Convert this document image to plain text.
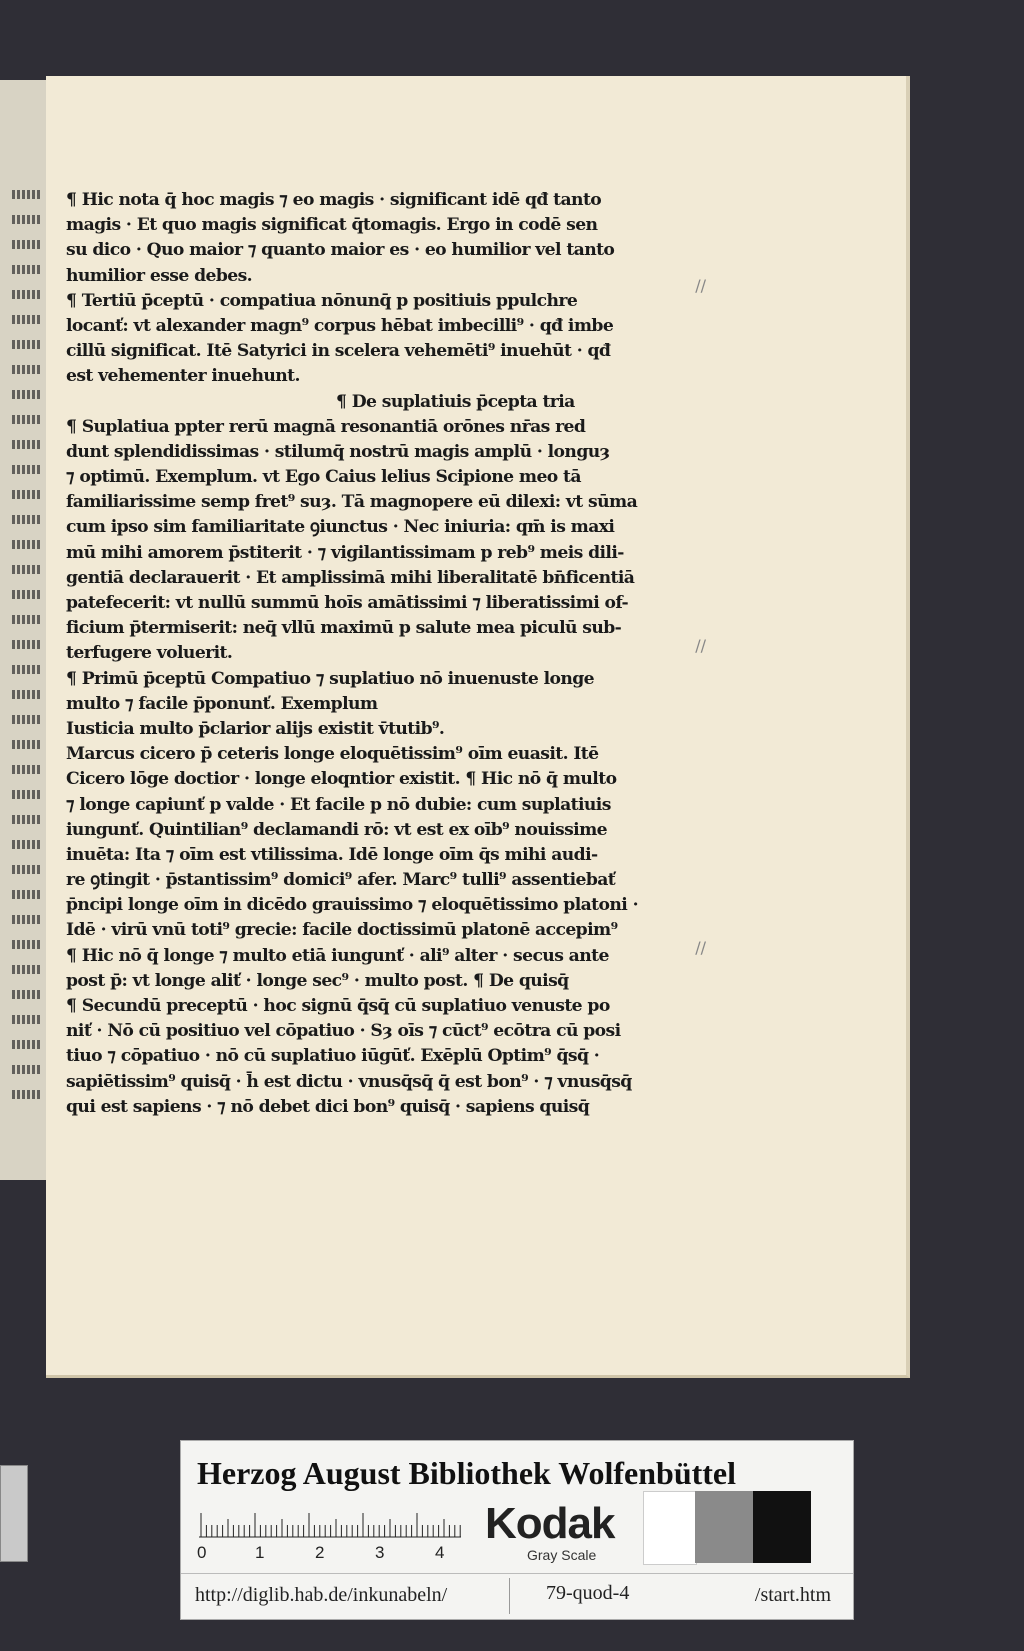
¶ Hic nota q̄ hoc magis ⁊ eo magis · significant idē qđ tanto
magis · Et quo magis significat q̄tomagis. Ergo in codē sen
su dico · Quo maior ⁊ quanto maior es · eo humilior vel tanto
humilior esse debes.
¶ Tertiū p̄ceptū · compatiua nōnunq̄ p positiuis ppulchre
locanť: vt alexander magn⁹ corpus hēbat imbecilli⁹ · qđ imbe
cillū significat. Itē Satyrici in scelera vehemēti⁹ inuehūt · qđ
est vehementer inuehunt.
¶ De suplatiuis p̄cepta tria
¶ Suplatiua ppter rerū magnā resonantiā orōnes nr̄as red
dunt splendidissimas · stilumq̄ nostrū magis amplū · longuȝ
⁊ optimū. Exemplum. vt Ego Caius lelius Scipione meo tā
familiarissime semp fret⁹ suȝ. Tā magnopere eū dilexi: vt sūma
cum ipso sim familiaritate ꝯiunctus · Nec iniuria: qm̄ is maxi
mū mihi amorem p̄stiterit · ⁊ vigilantissimam p reb⁹ meis dili-
gentiā declarauerit · Et amplissimā mihi liberalitatē bn̄ficentiā
patefecerit: vt nullū summū hoīs amātissimi ⁊ liberatissimi of-
ficium p̄termiserit: neq̄ vllū maximū p salute mea piculū sub-
terfugere voluerit.
¶ Primū p̄ceptū Compatiuo ⁊ suplatiuo nō inuenuste longe
multo ⁊ facile p̄ponunť. Exemplum
Iusticia multo p̄clarior alijs existit v̄tutib⁹.
Marcus cicero p̄ ceteris longe eloquētissim⁹ oīm euasit. Itē
Cicero lōge doctior · longe eloqntior existit. ¶ Hic nō q̄ multo
⁊ longe capiunť p valde · Et facile p nō dubie: cum suplatiuis
iungunť. Quintilian⁹ declamandi rō: vt est ex oīb⁹ nouissime
inuēta: Ita ⁊ oīm est vtilissima. Idē longe oīm q̄s mihi audi-
re ꝯtingit · p̄stantissim⁹ domici⁹ afer. Marc⁹ tulli⁹ assentiebať
p̄ncipi longe oīm in dicēdo grauissimo ⁊ eloquētissimo platoni ·
Idē · virū vnū toti⁹ grecie: facile doctissimū platonē accepim⁹
¶ Hic nō q̄ longe ⁊ multo etiā iungunť · ali⁹ alter · secus ante
post p̄: vt longe aliť · longe sec⁹ · multo post. ¶ De quisq̄
¶ Secundū preceptū · hoc signū q̄sq̄ cū suplatiuo venuste po
niť · Nō cū positiuo vel cōpatiuo · Sȝ oīs ⁊ cūct⁹ ecōtra cū posi
tiuo ⁊ cōpatiuo · nō cū suplatiuo iūgūť. Exēplū Optim⁹ q̄sq̄ ·
sapiētissim⁹ quisq̄ · h̄ est dictu · vnusq̄sq̄ q̄ est bon⁹ · ⁊ vnusq̄sq̄
qui est sapiens · ⁊ nō debet dici bon⁹ quisq̄ · sapiens quisq̄
//
//
//
Herzog August Bibliothek Wolfenbüttel
0	1	2	3	4
Kodak
Gray Scale
http://diglib.hab.de/inkunabeln/	79-quod-4	/start.htm
